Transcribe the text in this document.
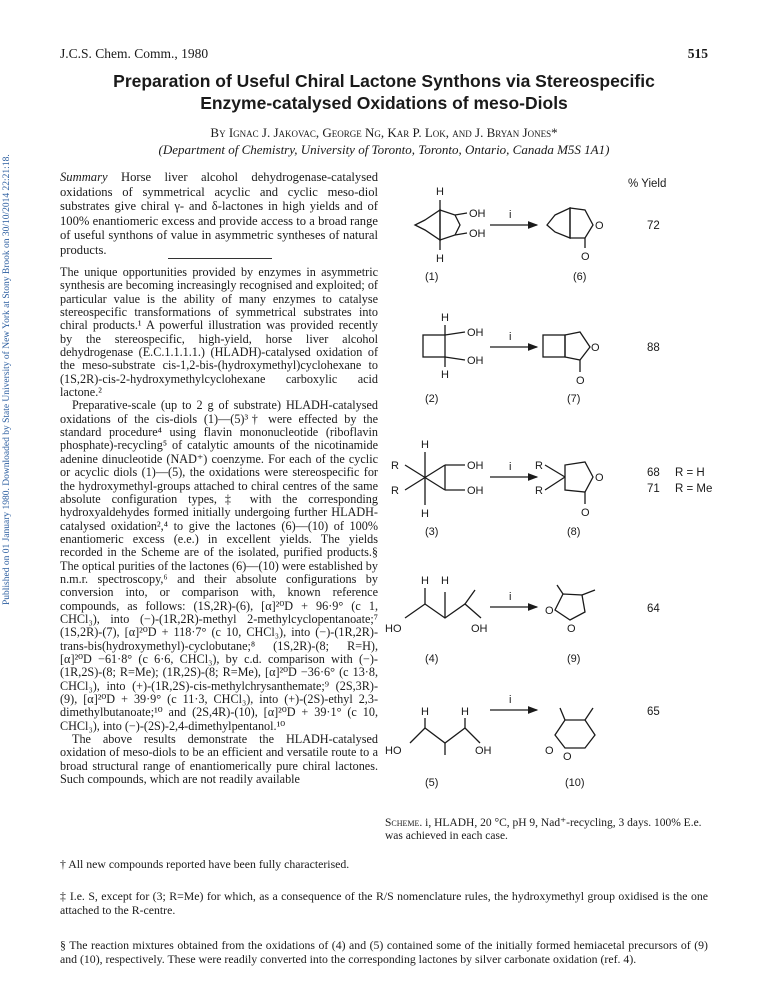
J.C.S. Chem. Comm., 1980	515
Published on 01 January 1980. Downloaded by State University of New York at Stony Brook on 30/10/2014 22:21:18.
Preparation of Useful Chiral Lactone Synthons via Stereospecific
Enzyme-catalysed Oxidations of meso-Diols
By Ignac J. Jakovac, George Ng, Kar P. Lok, and J. Bryan Jones*
(Department of Chemistry, University of Toronto, Toronto, Ontario, Canada M5S 1A1)
Summary Horse liver alcohol dehydrogenase-catalysed oxidations of symmetrical acyclic and cyclic meso-diol substrates give chiral γ- and δ-lactones in high yields and of 100% enantiomeric excess and provide access to a broad range of useful synthons of value in asymmetric syntheses of natural products.

The unique opportunities provided by enzymes in asymmetric synthesis are becoming increasingly recognised and exploited; of particular value is the ability of many enzymes to catalyse stereospecific transformations of symmetrical substrates into chiral products.¹ A powerful illustration was provided recently by the stereospecific, high-yield, horse liver alcohol dehydrogenase (E.C.1.1.1.1.) (HLADH)-catalysed oxidation of the meso-substrate cis-1,2-bis-(hydroxymethyl)cyclohexane to (1S,2R)-cis-2-hydroxymethylcyclohexane carboxylic acid lactone.²

Preparative-scale (up to 2 g of substrate) HLADH-catalysed oxidations of the cis-diols (1)—(5)³† were effected by the standard procedure⁴ using flavin mononucleotide (riboflavin phosphate)-recycling⁵ of catalytic amounts of the nicotinamide adenine dinucleotide (NAD⁺) coenzyme. For each of the cyclic or acyclic diols (1)—(5), the oxidations were stereospecific for the hydroxymethyl-groups attached to chiral centres of the same absolute configuration types,‡ with the corresponding hydroxyaldehydes formed initially undergoing further HLADH-catalysed oxidation²,⁴ to give the lactones (6)—(10) of 100% enantiomeric excess (e.e.) in excellent yields. The yields recorded in the Scheme are of the isolated, purified products.§ The optical purities of the lactones (6)—(10) were established by n.m.r. spectroscopy,⁶ and their absolute configurations by conversion into, or comparison with, known reference compounds, as follows: (1S,2R)-(6), [α]²⁰D + 96·9° (c 1, CHCl₃), into (−)-(1R,2R)-methyl 2-methylcyclopentanoate;⁷ (1S,2R)-(7), [α]²⁰D + 118·7° (c 10, CHCl₃), into (−)-(1R,2R)-trans-bis(hydroxymethyl)-cyclobutane;⁸ (1S,2R)-(8; R=H), [α]²⁰D −61·8° (c 6·6, CHCl₃), by c.d. comparison with (−)-(1R,2S)-(8; R=Me); (1R,2S)-(8; R=Me), [α]²⁰D −36·6° (c 13·8, CHCl₃), into (+)-(1R,2S)-cis-methylchrysanthemate;⁹ (2S,3R)-(9), [α]²⁰D + 39·9° (c 11·3, CHCl₃), into (+)-(2S)-ethyl 2,3-dimethylbutanoate;¹⁰ and (2S,4R)-(10), [α]²⁰D + 39·1° (c 10, CHCl₃), into (−)-(2S)-2,4-dimethylpentanol.¹⁰

The above results demonstrate the HLADH-catalysed oxidation of meso-diols to be an efficient and versatile route to a broad structural range of enantiomerically pure chiral lactones. Such compounds, which are not readily available

% Yield
H
H
OH
OH
O
O
i
(1)	(6)
72
H
H
OH
OH
O
O
i
(2)	(7)
88
H
H
R
R
OH
OH
R
R
O
O
i
(3)	(8)
68 R = H
71 R = Me
H H
HO	OH
O
O
i
(4)	(9)
64
H	H
HO	OH	O O
i
(5)	(10)
65
Scheme. i, HLADH, 20 °C, pH 9, Nad⁺-recycling, 3 days. 100% E.e. was achieved in each case.
† All new compounds reported have been fully characterised.
‡ I.e. S, except for (3; R=Me) for which, as a consequence of the R/S nomenclature rules, the hydroxymethyl group oxidised is the one attached to the R-centre.
§ The reaction mixtures obtained from the oxidations of (4) and (5) contained some of the initially formed hemiacetal precursors of (9) and (10), respectively. These were readily converted into the corresponding lactones by silver carbonate oxidation (ref. 4).
